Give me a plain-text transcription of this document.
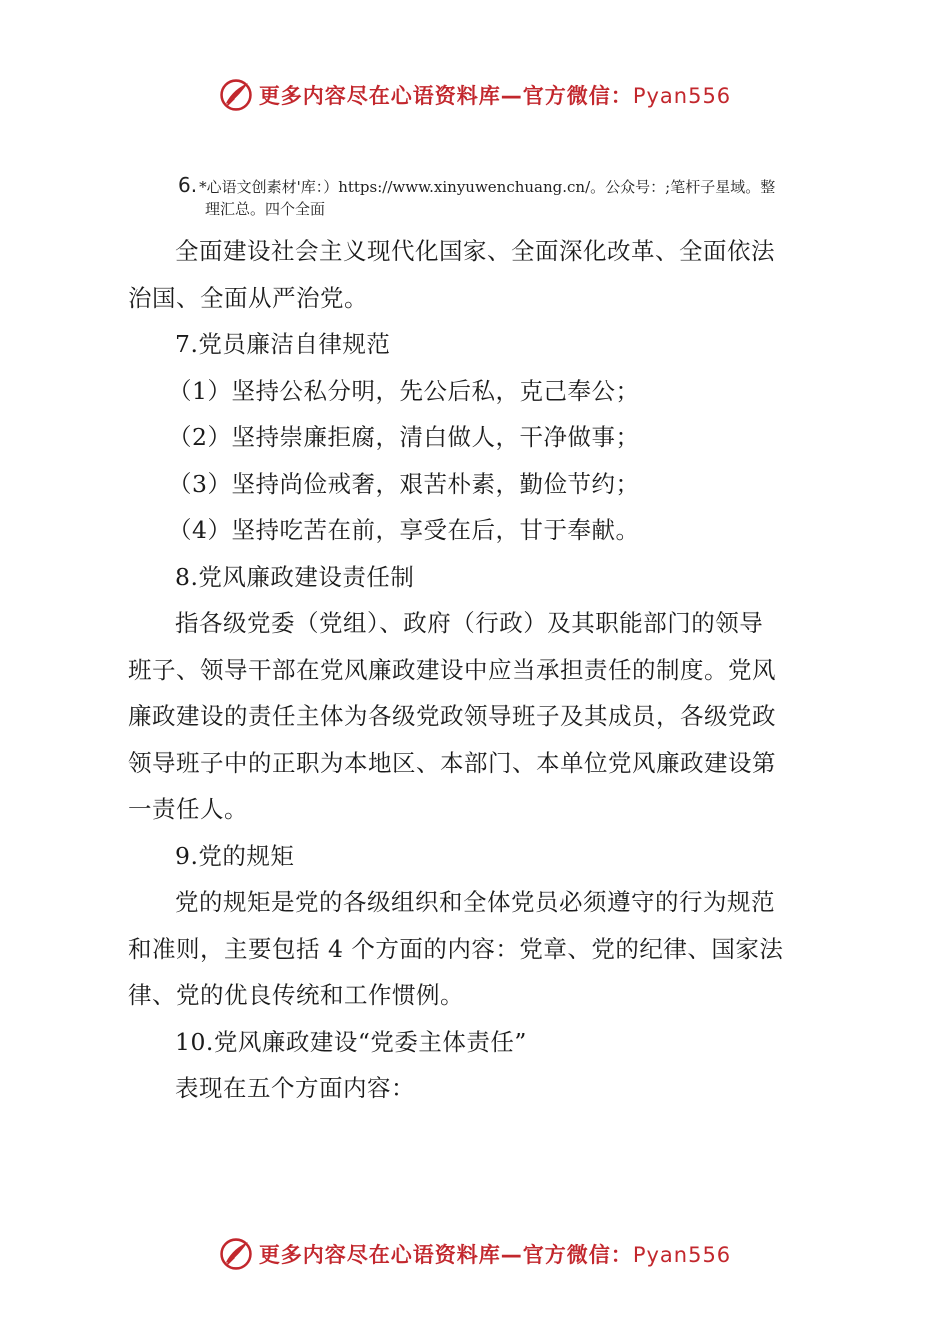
更多内容尽在心语资料库—官方微信：Pyan556
6. *心语文创素材'库：）https://www.xinyuwenchuang.cn/。公众号：;笔杆子星域。整
理汇总。四个全面

全面建设社会主义现代化国家、全面深化改革、全面依法

治国、全面从严治党。

7.党员廉洁自律规范

（1）坚持公私分明，先公后私，克己奉公；

（2）坚持崇廉拒腐，清白做人，干净做事；

（3）坚持尚俭戒奢，艰苦朴素，勤俭节约；

（4）坚持吃苦在前，享受在后，甘于奉献。

8.党风廉政建设责任制

指各级党委（党组）、政府（行政）及其职能部门的领导

班子、领导干部在党风廉政建设中应当承担责任的制度。党风

廉政建设的责任主体为各级党政领导班子及其成员，各级党政

领导班子中的正职为本地区、本部门、本单位党风廉政建设第

一责任人。

9.党的规矩

党的规矩是党的各级组织和全体党员必须遵守的行为规范

和准则，主要包括 4 个方面的内容：党章、党的纪律、国家法

律、党的优良传统和工作惯例。

10.党风廉政建设“党委主体责任”

表现在五个方面内容：

更多内容尽在心语资料库—官方微信：Pyan556
